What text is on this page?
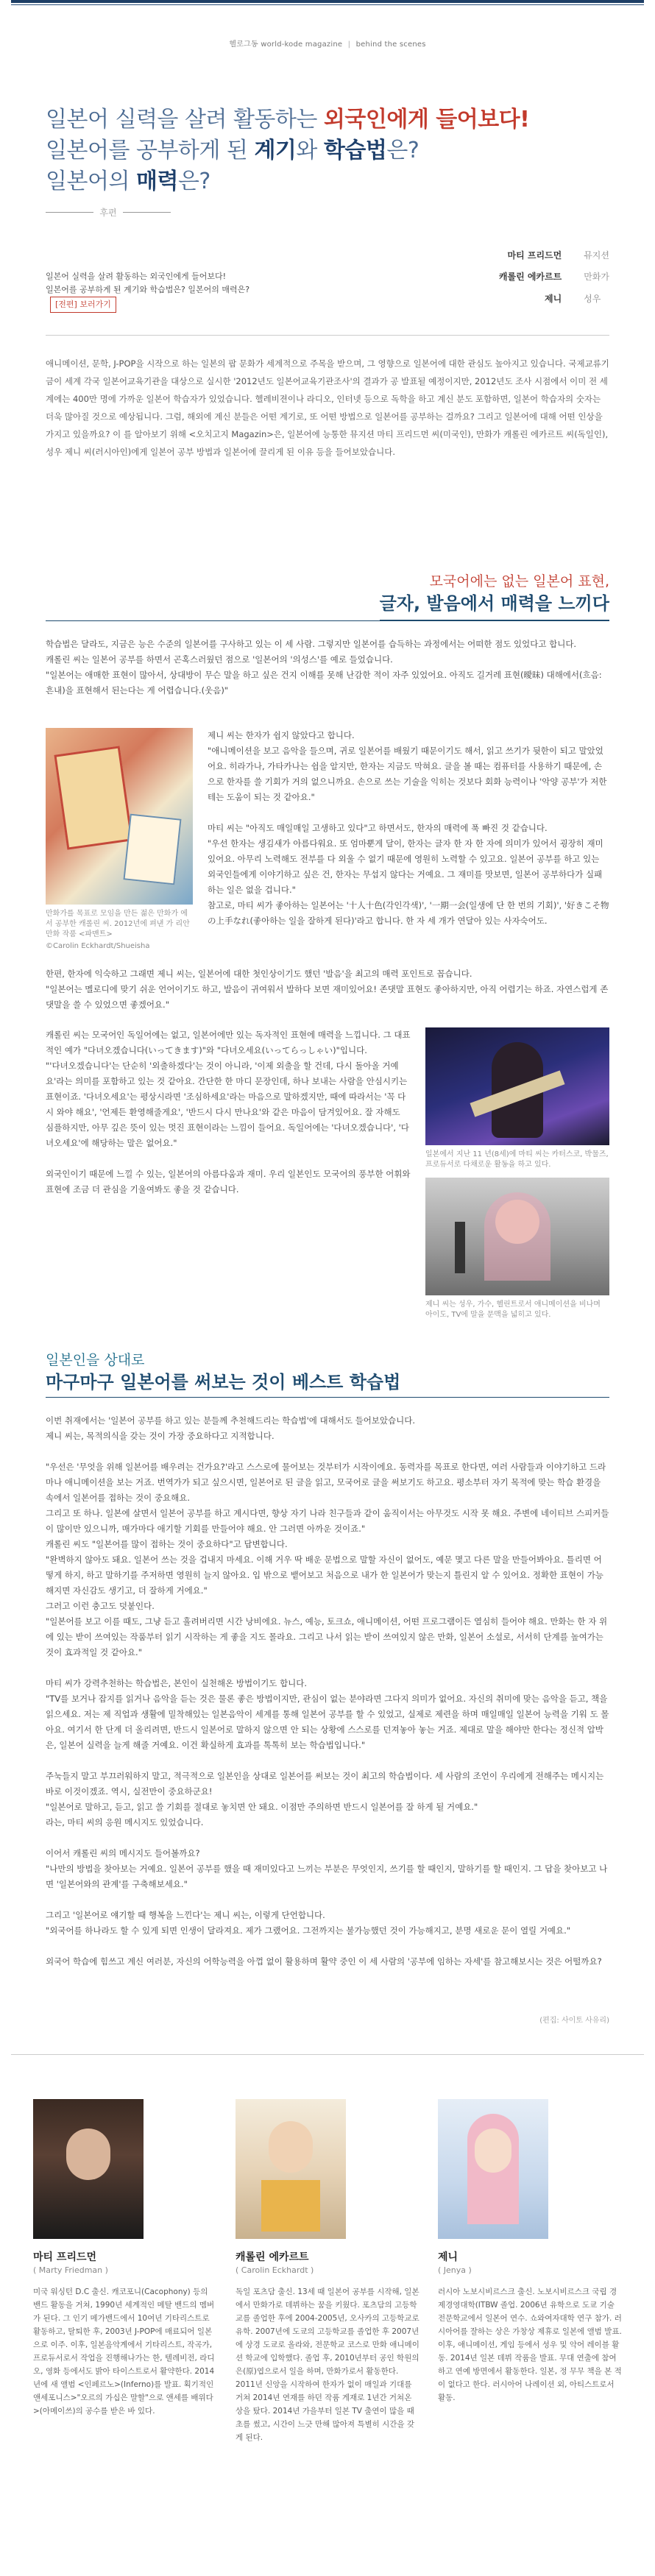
헬로그동 world-kode magazine | behind the scenes
일본어 실력을 살려 활동하는 외국인에게 들어보다!
일본어를 공부하게 된 계기와 학습법은?
일본어의 매력은?
후편
일본어 실력을 살려 활동하는 외국인에게 들어보다!
일본어를 공부하게 된 계기와 학습법은? 일본어의 매력은?[전편] 보러가기
마티 프리드먼	뮤지션
캐롤린 에카르트	만화가
제니	성우
애니메이션, 문학, J-POP을 시작으로 하는 일본의 팝 문화가 세계적으로 주목을 받으며, 그 영향으로 일본어에 대한 관심도 높아지고 있습니다. 국제교류기금이 세계 각국 일본어교육기관을 대상으로 실시한 '2012년도 일본어교육기관조사'의 결과가 공 발표될 예정이지만, 2012년도 조사 시점에서 이미 전 세계에는 400만 명에 가까운 일본어 학습자가 있었습니다. 헬레비젼이나 라디오, 인터넷 등으로 독학을 하고 계신 분도 포함하면, 일본어 학습자의 숫자는 더욱 많아질 것으로 예상됩니다. 그럼, 해외에 계신 분들은 어떤 계기로, 또 어떤 방법으로 일본어를 공부하는 걸까요? 그리고 일본어에 대해 어떤 인상을 가지고 있을까요? 이 를 알아보기 위해 <오치고지 Magazin>은, 일본어에 능통한 뮤지션 마티 프리드먼 씨(미국인), 만화가 캐롤린 에카르트 씨(독일인), 성우 제니 씨(러시아인)에게 일본어 공부 방법과 일본어에 끌리게 된 이유 등을 들어보았습니다.
모국어에는 없는 일본어 표현,
글자, 발음에서 매력을 느끼다

학습법은 달라도, 지금은 능은 수준의 일본어를 구사하고 있는 이 세 사람. 그렇지만 일본어를 습득하는 과정에서는 어떠한 점도 있었다고 합니다.

캐롤린 씨는 일본어 공부를 하면서 곤혹스러웠던 점으로 '일본어의 '의성스'를 예로 들었습니다.

"일본어는 애매한 표현이 많아서, 상대방이 무슨 말을 하고 싶은 건지 이해를 못해 난감한 적이 자주 있었어요. 아직도 길거레 표현(曖昧) 대해에서(흐음: 흔내)을 표현해서 된는다는 게 어렵습니다.(웃음)"

만화가를 목표로 모임을 만든 젊은 만화가 에서 공부한 캐롤린 씨. 2012년에 펴낸 가 리안 만화 작품 <파맨트>
©Carolin Eckhardt/Shueisha

제니 씨는 한자가 쉽지 않았다고 합니다.

"애니메이션을 보고 음악을 들으며, 귀로 일본어를 배웠기 때문이기도 해서, 읽고 쓰기가 뒷한이 되고 말았었어요. 히라가나, 가타카나는 쉽을 알지만, 한자는 지금도 막혀요. 글을 볼 때는 컴퓨터를 사용하기 때문에, 손으로 한자를 쓸 기회가 거의 없으니까요. 손으로 쓰는 기술을 익히는 것보다 회화 능력이나 '악양 공부'가 저한테는 도움이 되는 것 같아요."

마티 씨는 "아직도 매일매일 고생하고 있다"고 하면서도, 한자의 매력에 푹 빠진 것 같습니다.

"우선 한자는 생김새가 아름다워요. 또 엄마뿐게 달이, 한자는 글자 한 자 한 자에 의미가 있어서 굉장히 재미있어요. 아무리 노력해도 전부를 다 외울 수 없기 때문에 영원히 노력할 수 있고요. 일본어 공부를 하고 있는 외국인들에게 이야기하고 싶은 건, 한자는 무섭지 않다는 거예요. 그 재미를 맛보면, 일본어 공부하다가 실패하는 일은 없을 겁니다."

참고로, 마티 씨가 좋아하는 일본어는 '十人十色(각인각색)', '一期一会(일생에 단 한 번의 기회)', '好きこそ物の上手なれ(좋아하는 일을 잘하게 된다)'라고 합니다. 한 자 세 개가 연달아 있는 사자숙어도.

한편, 한자에 익숙하고 그래면 제니 씨는, 일본어에 대한 첫인상이기도 했던 '발음'을 최고의 매력 포인트로 꼽습니다.

"일본어는 멜로디에 맞기 쉬운 언어이기도 하고, 발음이 귀여워서 발하다 보면 재미있어요! 존댓말 표현도 좋아하지만, 아직 어렵기는 하죠. 자연스럽게 존댓말을 쓸 수 있었으면 좋겠어요."

캐롤린 씨는 모국어인 독일어에는 없고, 일본어에만 있는 독자적인 표현에 매력을 느낍니다. 그 대표적인 예가 "다녀오겠습니다(いってきます)"와 "다녀오세요(いってらっしゃい)"입니다.

"'다녀오겠습니다'는 단순히 '외출하겠다'는 것이 아니라, '이제 외출을 할 건데, 다시 돌아올 거예요'라는 의미를 포함하고 있는 것 같아요. 간단한 한 마디 문장인데, 하나 보내는 사람을 안심시키는 표현이죠. '다녀오세요'는 평상시라면 '조심하세요'라는 마음으로 말하겠지만, 때에 따라서는 '꼭 다시 와야 해요', '언제든 환영해줄게요', '반드시 다시 만나요'와 같은 마음이 담겨있어요. 잘 자해도 심플하지만, 아무 깊은 뜻이 있는 멋진 표현이라는 느낌이 들어요. 독일어에는 '다녀오겠습니다', '다녀오세요'에 해당하는 말은 없어요."

외국인이기 때문에 느낄 수 있는, 일본어의 아름다움과 재미. 우리 일본인도 모국어의 풍부한 어휘와 표현에 조금 더 관심을 기울여봐도 좋을 것 같습니다.

일본에서 지난 11 년(8세)에 마티 씨는 카터스코, 박물즈, 프로듀서로 다채로운 활동을 하고 있다.
제니 씨는 성우, 가수, 헬린트로서 애니메이션을 비나며 아이도, TV에 말을 문맥을 넓히고 있다.
일본인을 상대로
마구마구 일본어를 써보는 것이 베스트 학습법

이번 취재에서는 '일본어 공부를 하고 있는 분들께 추천해드리는 학습법'에 대해서도 들어보았습니다.

제니 씨는, 목적의식을 갖는 것이 가장 중요하다고 지적합니다.

"우선은 '무엇을 위해 일본어를 배우려는 건가요?'라고 스스로에 물어보는 것부터가 시작이에요. 동력자를 목표로 한다면, 여러 사람들과 이야기하고 드라마나 애니메이션을 보는 거죠. 번역가가 되고 싶으시면, 일본어로 된 글을 읽고, 모국어로 글을 써보기도 하고요. 평소부터 자기 목적에 맞는 학습 환경을 속에서 일본어를 접하는 것이 중요해요.

그리고 또 하나. 일본에 살면서 일본어 공부를 하고 계시다면, 향상 자기 나라 친구들과 같이 움직이서는 아무것도 시작 못 해요. 주변에 네이티브 스피커들이 많이만 있으니까, 매가마다 애기할 기회를 만들어야 해요. 안 그러면 아까운 것이죠."

캐롤린 씨도 "일본어를 많이 접하는 것이 중요하다"고 답변합니다.

"완벽하지 않아도 돼요. 일본어 쓰는 것을 겁내지 마세요. 이해 거우 딱 배운 문법으로 말할 자신이 없어도, 예문 몇고 다른 말을 만들어봐아요. 틀리면 어떻게 하지, 하고 말하기를 주저하면 영원히 늘지 않아요. 입 밖으로 뱉어보고 처음으로 내가 한 일본어가 맞는지 틀린지 알 수 있어요. 정확한 표현이 가능해지면 자신감도 생기고, 더 잘하게 거에요."

그러고 이런 충고도 덧붙인다.

"일본어를 보고 이를 때도, 그냥 듣고 흘려버리면 시간 낭비에요. 뉴스, 예능, 토크쇼, 애니메이션, 어떤 프로그램이든 열심히 들어야 해요. 만화는 한 자 위에 있는 받이 쓰여있는 작품부터 읽기 시작하는 게 좋을 지도 몰라요. 그리고 나서 읽는 받이 쓰여있지 않은 만화, 일본어 소설로, 서서히 단계를 높여가는 것이 효과적일 것 같아요."

마티 씨가 강력추천하는 학습법은, 본인이 실천해온 방법이기도 합니다.

"TV를 보거나 잡지를 읽거나 음악을 듣는 것은 물론 좋은 방법이지만, 관심이 없는 분야라면 그다지 의미가 없어요. 자신의 취미에 맞는 음악을 듣고, 책을 읽으세요. 저는 제 직업과 생활에 밀착해있는 일본음악이 세계를 통해 일본어 공부를 할 수 있었고, 실제로 제련을 하며 매일매일 일본어 능력을 기워 도 몰아요. 여기서 한 단계 더 올리려면, 반드시 일본어로 말하지 않으면 안 되는 상황에 스스로를 던져놓아 놓는 거죠. 제대로 말을 해야만 한다는 정신적 압박은, 일본어 실력을 늘게 해줄 거예요. 이건 확실하게 효과를 톡톡히 보는 학습법입니다."

주눅들지 말고 부끄러워하지 말고, 적극적으로 일본인을 상대로 일본어를 써보는 것이 최고의 학습법이다. 세 사람의 조언이 우리에게 전해주는 메시지는 바로 이것이겠죠. 역시, 실전만이 중요하군요!

"일본어로 말하고, 듣고, 읽고 쓸 기회를 절대로 놓치면 안 돼요. 이점만 주의하면 반드시 일본어를 잘 하게 될 거예요."

라는, 마티 씨의 응원 메시지도 있었습니다.

이어서 캐롤린 씨의 메시지도 들어볼까요?

"나만의 방법을 찾아보는 거예요. 일본어 공부를 했을 때 재미있다고 느끼는 부분은 무엇인지, 쓰기를 할 때인지, 말하기를 할 때인지. 그 답을 찾아보고 나면 '일본어와의 관계'를 구축해보세요."

그리고 '일본어로 얘기할 때 행복을 느낀다'는 제니 씨는, 이렇게 단언합니다.

"외국어를 하나라도 할 수 있게 되면 인생이 달라져요. 제가 그랬어요. 그전까지는 불가능했던 것이 가능해지고, 분명 새로운 문이 열릴 거예요."

외국어 학습에 힘쓰고 계신 여러분, 자신의 어학능력을 아껍 없이 활용하며 활약 중인 이 세 사람의 '공부에 임하는 자세'를 참고해보시는 것은 어떨까요?

(편집: 사이토 사유리)
마티 프리드먼
( Marty Friedman )
미국 워싱턴 D.C 출신. 캐코포니(Cacophony) 등의 밴드 활동을 거쳐, 1990년 세계적인 메탈 밴드의 멤버가 된다. 그 인기 메가밴드에서 10여년 기타리스트로 활동하고, 탈퇴한 후, 2003년 J-POP에 매료되어 일본으로 이주. 이후, 일본음악계에서 기타리스트, 작곡가, 프로듀서로서 작업을 진행해나가는 한, 텔레비전, 라디오, 영화 등에서도 밝아 타이스트로서 활약한다. 2014년에 새 앨범 <인페르노>(Inferno)를 발표. 획기적인 앤세포니스>"오르의 가십은 말할"으로 앤세를 배위다>(아메이쓰)의 공수를 받은 바 있다.
캐롤린 에카르트
( Carolin Eckhardt )
독일 포츠담 출신. 13세 때 일본어 공부를 시작해, 일본에서 만화가로 데뷔하는 꿈을 키웠다. 포츠담의 고등학교를 졸업한 후에 2004-2005년, 오사카의 고등학교로 유학. 2007년에 도쿄의 고등학교를 졸업한 후 2007년에 상경 도쿄로 올라와, 전문학교 코스로 만화 애니메이션 학교에 입학했다. 졸업 후, 2010년부터 공인 학원의 은(原)엽으로서 일을 하며, 만화가로서 활동한다. 2011년 신앙을 시작하여 한자가 없이 매일과 기대를 거쳐 2014년 연재를 하던 작품 게재로 1년간 거쳐온 상을 탔다. 2014년 가을부터 일본 TV 출연이 많을 때 초를 썼고, 시간이 느긋 만해 많아져 특별히 시간을 갖게 된다.
제니
( Jenya )
러시아 노보시비르스크 출신. 노보시비르스크 국립 경제경영대학(ITBW 졸업. 2006년 유학으로 도쿄 기술 전문학교에서 일본어 연수. 쇼와여자대학 연구 참가. 러시아어를 잘하는 상은 가창상 제휴로 일본에 앨범 발표. 이후, 애니메이션, 게임 등에서 성우 및 악어 레이블 활동. 2014년 일본 데뷔 작품을 발표. 무대 연출에 참여하고 연예 방면에서 활동한다. 일본, 정 무무 책을 본 적이 없다고 한다. 러시아어 나레이션 외, 아티스트로서 활동.
